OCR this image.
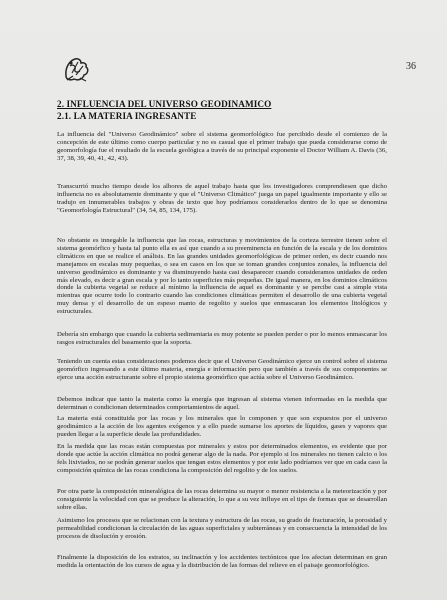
36
2. INFLUENCIA DEL UNIVERSO GEODINAMICO
2.1. LA MATERIA INGRESANTE

La influencia del "Universo Geodinámico" sobre el sistema geomorfológico fue percibido desde el comienzo de la concepción de este último como cuerpo particular y no es casual que el primer trabajo que pueda considerarse como de geomorfología fue el resultado de la escuela geológica a través de su principal exponente el Doctor William A. Davis (36, 37, 38, 39, 40, 41, 42, 43).

Transcurrió mucho tiempo desde los albores de aquel trabajo hasta que los investigadores comprendiesen que dicho influencia no es absolutamente dominante y que el "Universo Climático" juega un papel igualmente importante y ello se tradujo en innumerables trabajos y obras de texto que hoy podríamos considerarlos dentro de lo que se denomina "Geomorfología Estructural" (34, 54, 85, 134, 175).

No obstante es innegable la influencia que las rocas, estructuras y movimientos de la corteza terrestre tienen sobre el sistema geomórfico y hasta tal punto ella es así que cuando a su preeminencia en función de la escala y de los dominios climáticos en que se realice el análisis. En las grandes unidades geomorfológicas de primer orden, es decir cuando nos manejamos en escalas muy pequeñas, o sea en casos en los que se toman grandes conjuntos zonales, la influencia del universo geodinámico es dominante y va disminuyendo hasta casi desaparecer cuando consideramos unidades de orden más elevado, es decir a gran escala y por lo tanto superficies más pequeñas. De igual manera, en los dominios climáticos donde la cubierta vegetal se reduce al mínimo la influencia de aquel es dominante y se percibe casi a simple vista mientras que ocurre todo lo contrario cuando las condiciones climáticas permiten el desarrollo de una cubierta vegetal muy densa y el desarrollo de un espeso manto de regolito y suelos que enmascaran los elementos litológicos y estructurales.

Debería sin embargo que cuando la cubierta sedimentaria es muy potente se pueden perder o por lo menos enmascarar los rasgos estructurales del basamento que la soporta.

Teniendo un cuenta estas consideraciones podemos decir que el Universo Geodinámico ejerce un control sobre el sistema geomórfico ingresando a este último materia, energía e información pero que también a través de sus componentes se ejerce una acción estructurante sobre el propio sistema geomórfico que actúa sobre el Universo Geodinámico.

Debemos indicar que tanto la materia como la energía que ingresan al sistema vienen informadas en la medida que determinan o condicionan determinados comportamientos de aquel.

La materia está constituida por las rocas y los minerales que lo componen y que son expuestos por el universo geodinámico a la acción de los agentes exógenos y a ello puede sumarse los aportes de líquidos, gases y vapores que pueden llegar a la superficie desde las profundidades.

En la medida que las rocas están compuestas por minerales y estos por determinados elementos, es evidente que por donde que actúe la acción climática no podrá generar algo de la nada. Por ejemplo si los minerales no tienen calcio o los fels lixiviados, no se podrán generar suelos que tengan estos elementos y por este lado podríamos ver que en cada caso la composición química de las rocas condiciona la composición del regolito y de los suelos.

Por otra parte la composición mineralógica de las rocas determina su mayor o menor resistencia a la meteorización y por consiguiente la velocidad con que se produce la alteración, lo que a su vez influye en el tipo de formas que se desarrollan sobre ellas.

Asimismo los procesos que se relacionan con la textura y estructura de las rocas, su grado de fracturación, la porosidad y permeabilidad condicionan la circulación de las aguas superficiales y subterráneas y en consecuencia la intensidad de los procesos de disolución y erosión.

Finalmente la disposición de los estratos, su inclinación y los accidentes tectónicos que los afectan determinan en gran medida la orientación de los cursos de agua y la distribución de las formas del relieve en el paisaje geomorfológico.
